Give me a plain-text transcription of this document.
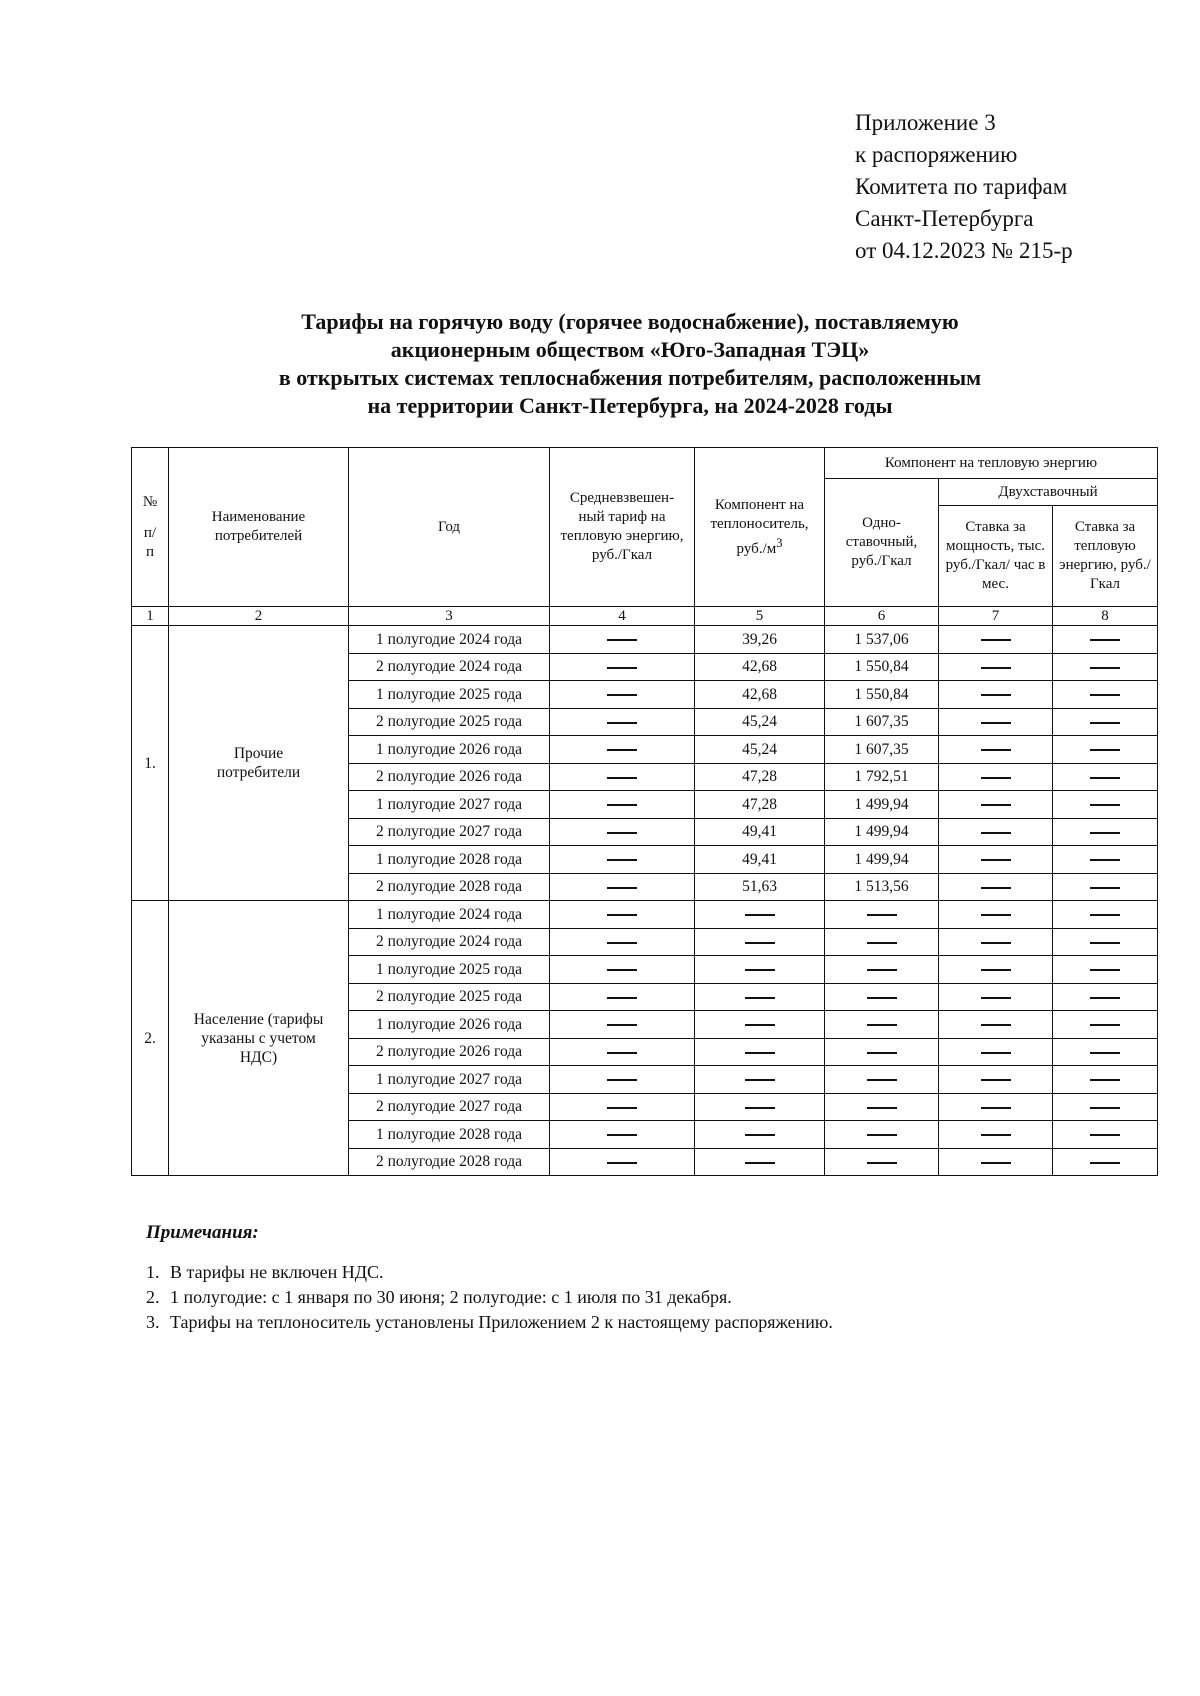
Приложение 3
к распоряжению
Комитета по тарифам
Санкт-Петербурга
от 04.12.2023 № 215-р
Тарифы на горячую воду (горячее водоснабжение), поставляемую
акционерным обществом «Юго-Западная ТЭЦ»
в открытых системах теплоснабжения потребителям, расположенным
на территории Санкт-Петербурга, на 2024-2028 годы
№
п/
п	Наименование потребителей	Год	Средневзвешен-ный тариф на тепловую энергию, руб./Гкал	Компонент на теплоноситель, $руб./м^3$	Компонент на тепловую энергию		
					Одно-ставочный, руб./Гкал	Двухставочный	
						Ставка за мощность, тыс. руб./Гкал/ час в мес.	Ставка за тепловую энергию, руб./Гкал
1	2	3	4	5	6	7	8
1.	Прочие потребители	1 полугодие 2024 года		39,26	1 537,06		
		2 полугодие 2024 года		42,68	1 550,84		
		1 полугодие 2025 года		42,68	1 550,84		
		2 полугодие 2025 года		45,24	1 607,35		
		1 полугодие 2026 года		45,24	1 607,35		
		2 полугодие 2026 года		47,28	1 792,51		
		1 полугодие 2027 года		47,28	1 499,94		
		2 полугодие 2027 года		49,41	1 499,94		
		1 полугодие 2028 года		49,41	1 499,94		
		2 полугодие 2028 года		51,63	1 513,56		
2.	Население (тарифы указаны с учетом НДС)	1 полугодие 2024 года					
		2 полугодие 2024 года					
		1 полугодие 2025 года					
		2 полугодие 2025 года					
		1 полугодие 2026 года					
		2 полугодие 2026 года					
		1 полугодие 2027 года					
		2 полугодие 2027 года					
		1 полугодие 2028 года					
		2 полугодие 2028 года					
Примечания:
1. В тарифы не включен НДС.
2. 1 полугодие: с 1 января по 30 июня; 2 полугодие: с 1 июля по 31 декабря.
3. Тарифы на теплоноситель установлены Приложением 2 к настоящему распоряжению.
